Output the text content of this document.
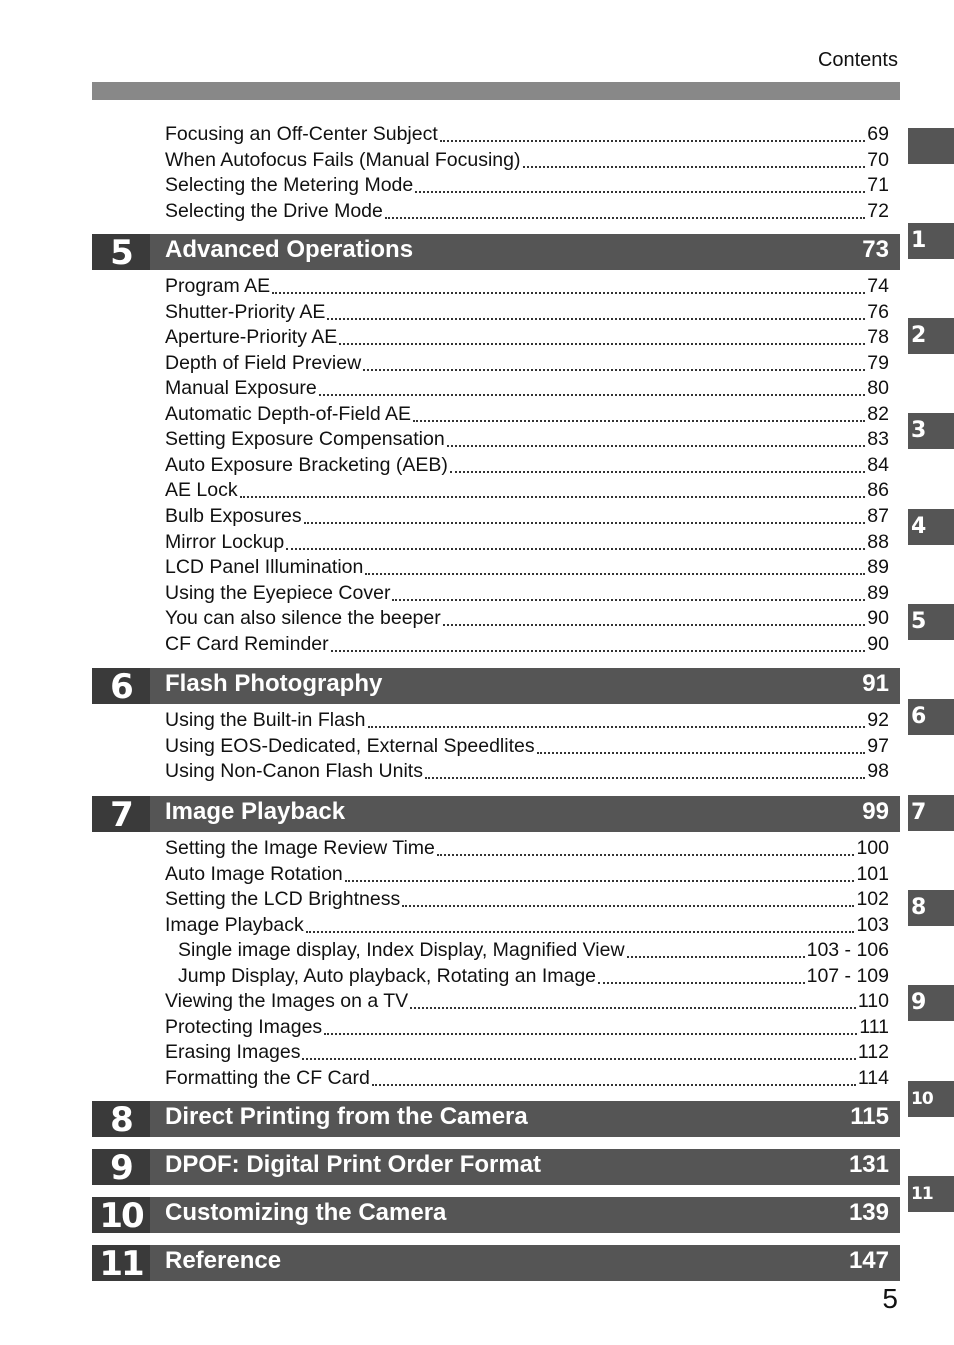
Contents
Focusing an Off-Center Subject	69
When Autofocus Fails (Manual Focusing)	70
Selecting the Metering Mode	71
Selecting the Drive Mode	72
5	Advanced Operations	73
Program AE	74
Shutter-Priority AE	76
Aperture-Priority AE	78
Depth of Field Preview	79
Manual Exposure	80
Automatic Depth-of-Field AE	82
Setting Exposure Compensation	83
Auto Exposure Bracketing (AEB)	84
AE Lock	86
Bulb Exposures	87
Mirror Lockup	88
LCD Panel Illumination	89
Using the Eyepiece Cover	89
You can also silence the beeper	90
CF Card Reminder	90
6	Flash Photography	91
Using the Built-in Flash	92
Using EOS-Dedicated, External Speedlites	97
Using Non-Canon Flash Units	98
7	Image Playback	99
Setting the Image Review Time	100
Auto Image Rotation	101
Setting the LCD Brightness	102
Image Playback	103
Single image display, Index Display, Magnified View	103 - 106
Jump Display, Auto playback, Rotating an Image	107 - 109
Viewing the Images on a TV	110
Protecting Images	111
Erasing Images	112
Formatting the CF Card	114
8	Direct Printing from the Camera	115
9	DPOF: Digital Print Order Format	131
10 Customizing the Camera	139
11 Reference	147
1
2
3
4
5
6
7
8
9
10
11
5
